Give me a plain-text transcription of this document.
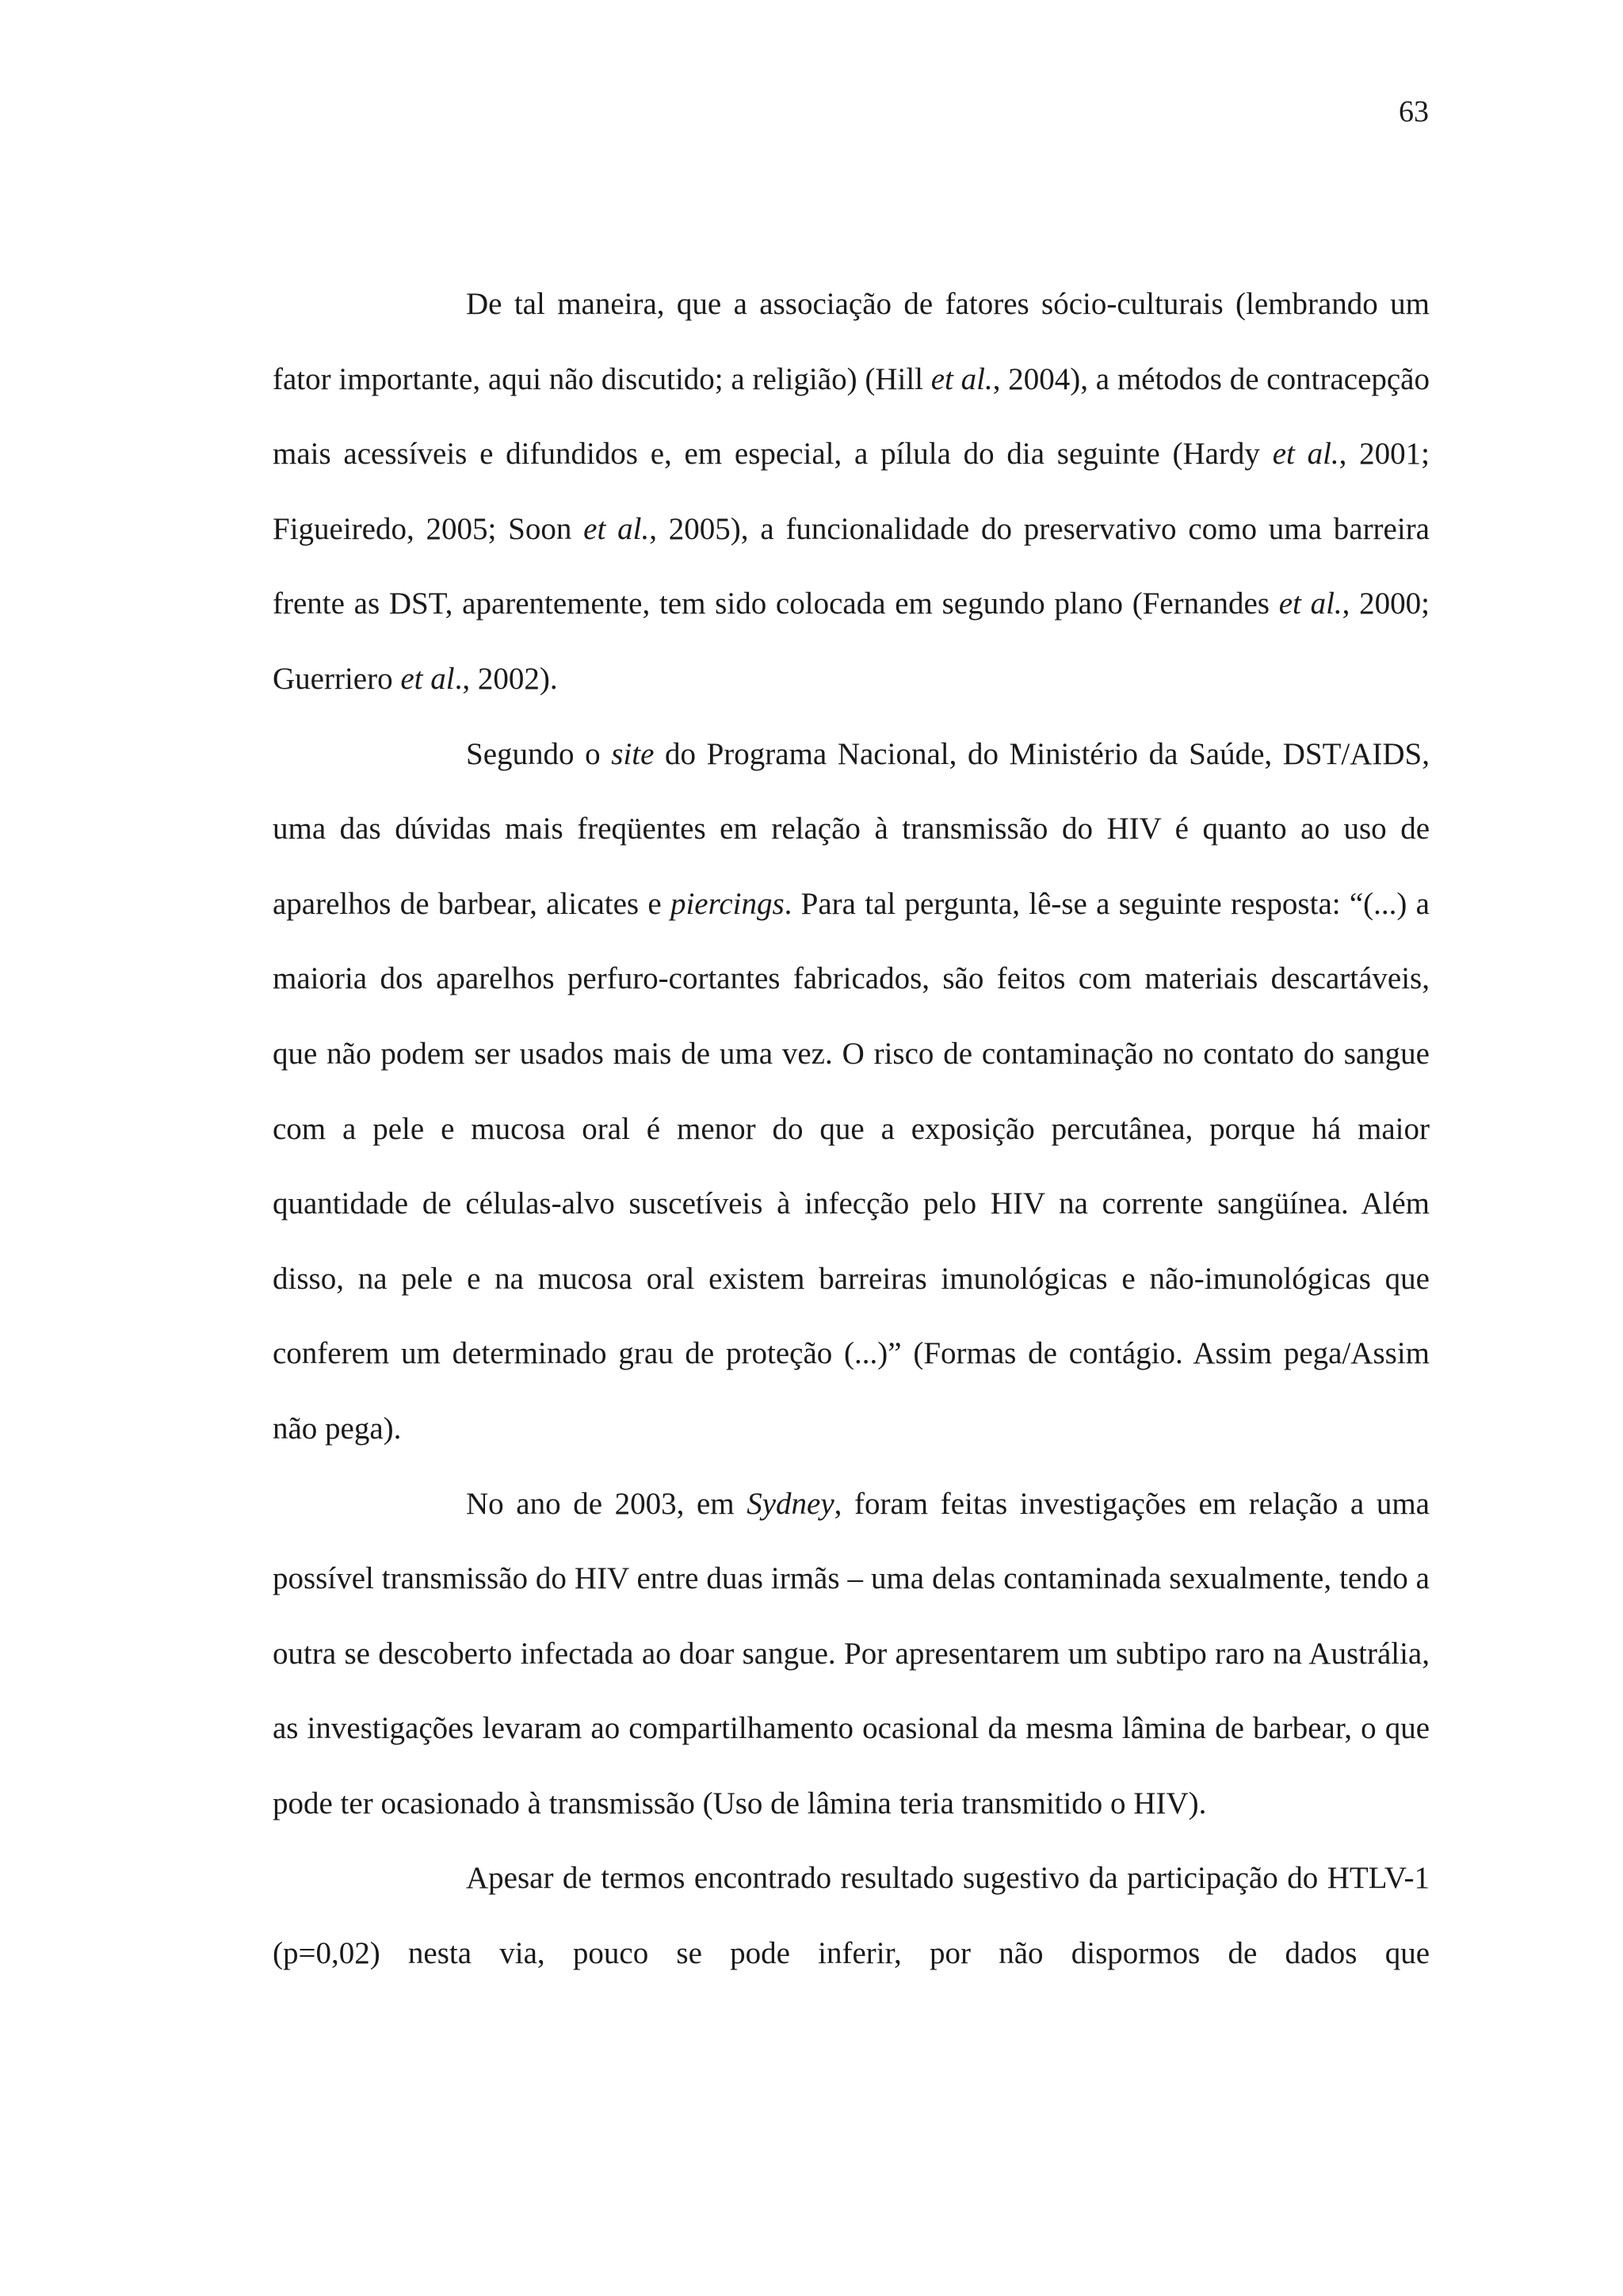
63

De tal maneira, que a associação de fatores sócio-culturais (lembrando um fator importante, aqui não discutido; a religião) (Hill et al., 2004), a métodos de contracepção mais acessíveis e difundidos e, em especial, a pílula do dia seguinte (Hardy et al., 2001; Figueiredo, 2005; Soon et al., 2005), a funcionalidade do preservativo como uma barreira frente as DST, aparentemente, tem sido colocada em segundo plano (Fernandes et al., 2000; Guerriero et al., 2002).

Segundo o site do Programa Nacional, do Ministério da Saúde, DST/AIDS, uma das dúvidas mais freqüentes em relação à transmissão do HIV é quanto ao uso de aparelhos de barbear, alicates e piercings. Para tal pergunta, lê-se a seguinte resposta: “(...) a maioria dos aparelhos perfuro-cortantes fabricados, são feitos com materiais descartáveis, que não podem ser usados mais de uma vez. O risco de contaminação no contato do sangue com a pele e mucosa oral é menor do que a exposição percutânea, porque há maior quantidade de células-alvo suscetíveis à infecção pelo HIV na corrente sangüínea. Além disso, na pele e na mucosa oral existem barreiras imunológicas e não-imunológicas que conferem um determinado grau de proteção (...)” (Formas de contágio. Assim pega/Assim não pega).

No ano de 2003, em Sydney, foram feitas investigações em relação a uma possível transmissão do HIV entre duas irmãs – uma delas contaminada sexualmente, tendo a outra se descoberto infectada ao doar sangue. Por apresentarem um subtipo raro na Austrália, as investigações levaram ao compartilhamento ocasional da mesma lâmina de barbear, o que pode ter ocasionado à transmissão (Uso de lâmina teria transmitido o HIV).

Apesar de termos encontrado resultado sugestivo da participação do HTLV-1 (p=0,02) nesta via, pouco se pode inferir, por não dispormos de dados que
